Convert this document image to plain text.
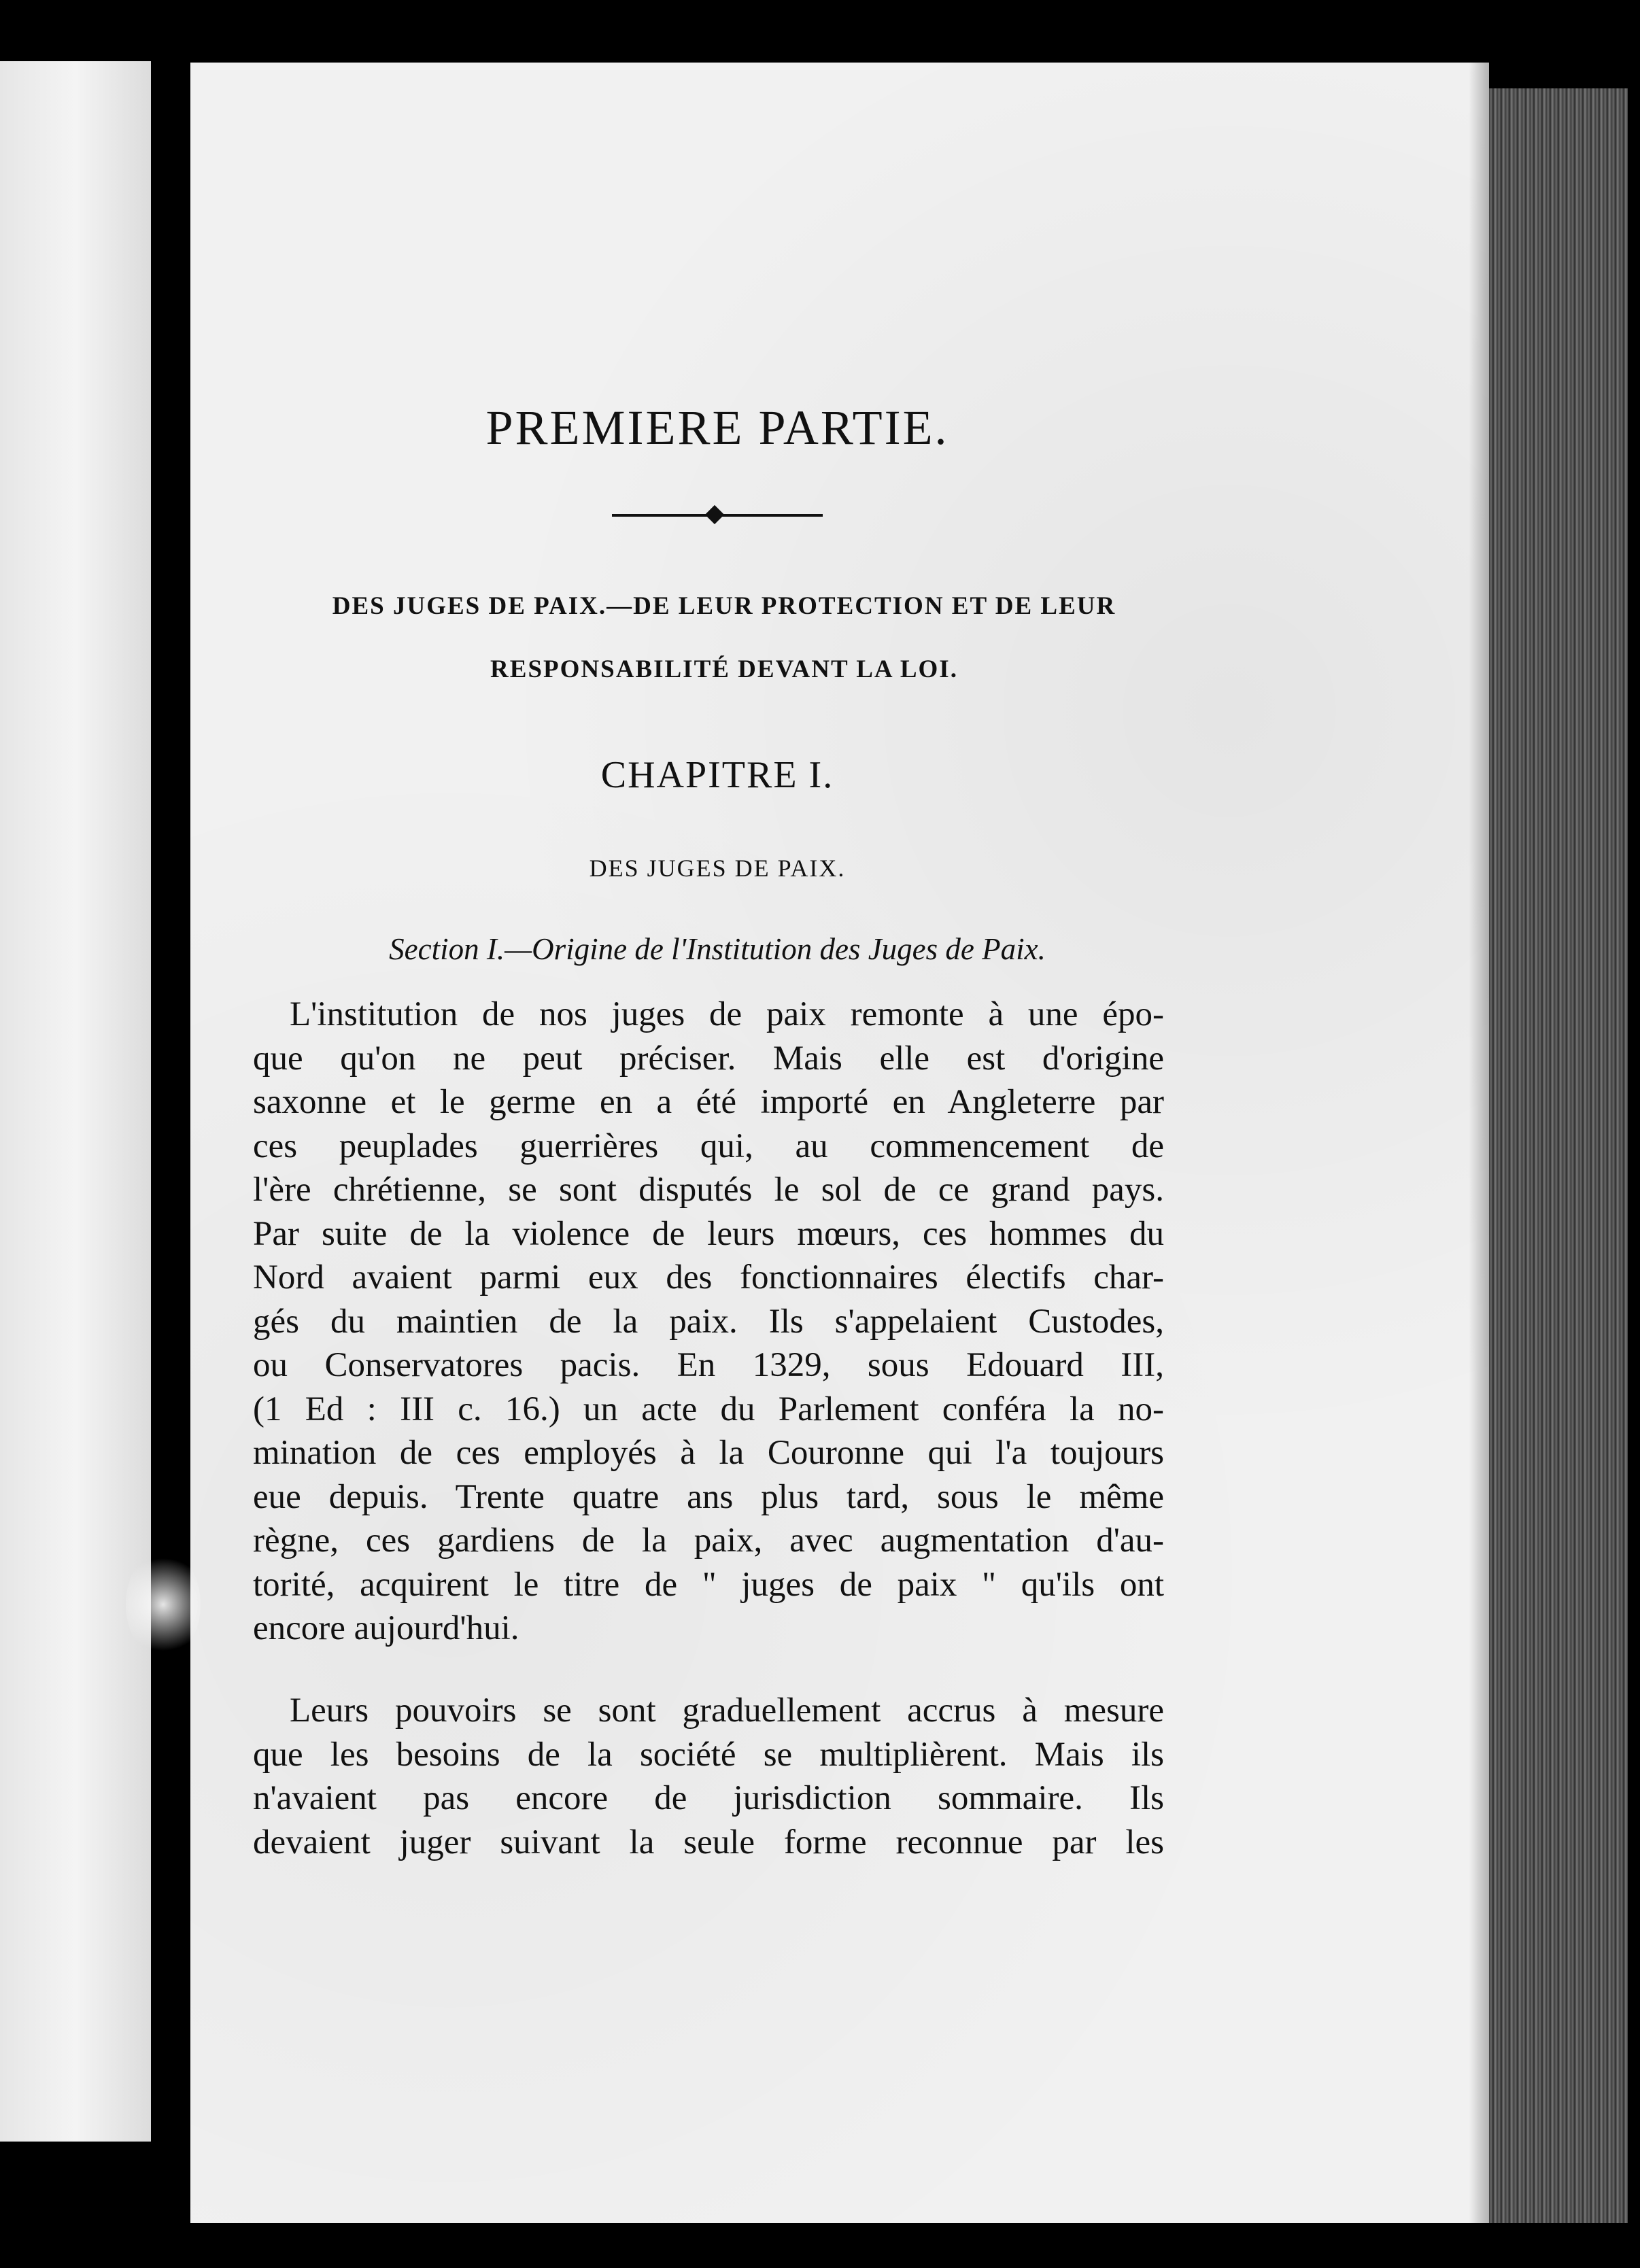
PREMIERE PARTIE.
DES JUGES DE PAIX.—DE LEUR PROTECTION ET DE LEUR
RESPONSABILITÉ DEVANT LA LOI.
CHAPITRE I.
DES JUGES DE PAIX.
Section I.—Origine de l'Institution des Juges de Paix.
L'institution de nos juges de paix remonte à une épo-
que qu'on ne peut préciser. Mais elle est d'origine
saxonne et le germe en a été importé en Angleterre par
ces peuplades guerrières qui, au commencement de
l'ère chrétienne, se sont disputés le sol de ce grand pays.
Par suite de la violence de leurs mœurs, ces hommes du
Nord avaient parmi eux des fonctionnaires électifs char-
gés du maintien de la paix. Ils s'appelaient Custodes,
ou Conservatores pacis. En 1329, sous Edouard III,
(1 Ed : III c. 16.) un acte du Parlement conféra la no-
mination de ces employés à la Couronne qui l'a toujours
eue depuis. Trente quatre ans plus tard, sous le même
règne, ces gardiens de la paix, avec augmentation d'au-
torité, acquirent le titre de " juges de paix " qu'ils ont
encore aujourd'hui.
Leurs pouvoirs se sont graduellement accrus à mesure
que les besoins de la société se multiplièrent. Mais ils
n'avaient pas encore de jurisdiction sommaire. Ils
devaient juger suivant la seule forme reconnue par les
